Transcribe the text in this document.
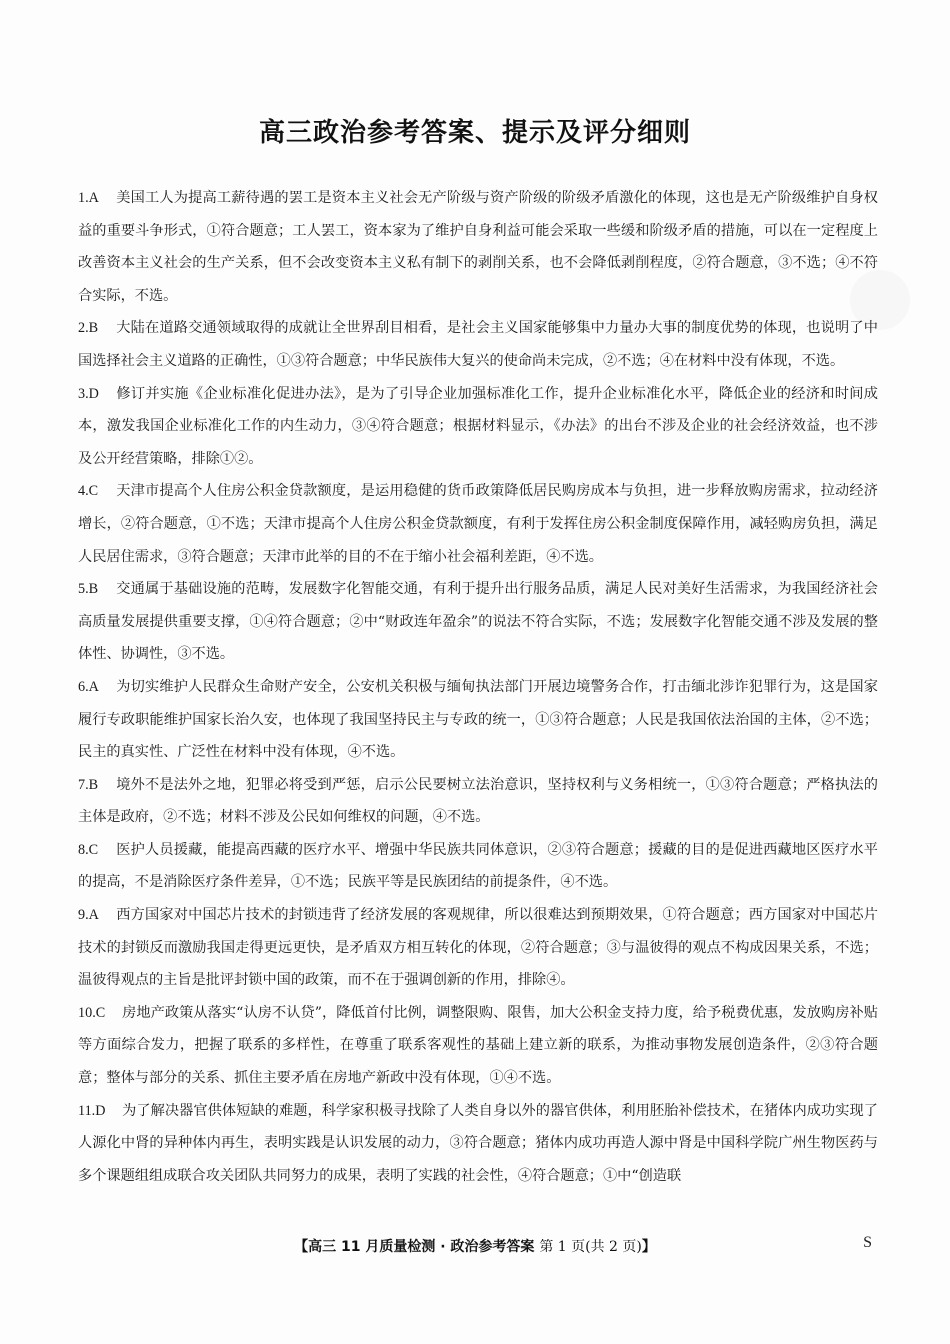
高三政治参考答案、提示及评分细则

1.A 美国工人为提高工薪待遇的罢工是资本主义社会无产阶级与资产阶级的阶级矛盾激化的体现，这也是无产阶级维护自身权益的重要斗争形式，①符合题意；工人罢工，资本家为了维护自身利益可能会采取一些缓和阶级矛盾的措施，可以在一定程度上改善资本主义社会的生产关系，但不会改变资本主义私有制下的剥削关系，也不会降低剥削程度，②符合题意，③不选；④不符合实际，不选。

2.B 大陆在道路交通领域取得的成就让全世界刮目相看，是社会主义国家能够集中力量办大事的制度优势的体现，也说明了中国选择社会主义道路的正确性，①③符合题意；中华民族伟大复兴的使命尚未完成，②不选；④在材料中没有体现，不选。

3.D 修订并实施《企业标准化促进办法》，是为了引导企业加强标准化工作，提升企业标准化水平，降低企业的经济和时间成本，激发我国企业标准化工作的内生动力，③④符合题意；根据材料显示，《办法》的出台不涉及企业的社会经济效益，也不涉及公开经营策略，排除①②。

4.C 天津市提高个人住房公积金贷款额度，是运用稳健的货币政策降低居民购房成本与负担，进一步释放购房需求，拉动经济增长，②符合题意，①不选；天津市提高个人住房公积金贷款额度，有利于发挥住房公积金制度保障作用，减轻购房负担，满足人民居住需求，③符合题意；天津市此举的目的不在于缩小社会福利差距，④不选。

5.B 交通属于基础设施的范畴，发展数字化智能交通，有利于提升出行服务品质，满足人民对美好生活需求，为我国经济社会高质量发展提供重要支撑，①④符合题意；②中“财政连年盈余”的说法不符合实际，不选；发展数字化智能交通不涉及发展的整体性、协调性，③不选。

6.A 为切实维护人民群众生命财产安全，公安机关积极与缅甸执法部门开展边境警务合作，打击缅北涉诈犯罪行为，这是国家履行专政职能维护国家长治久安，也体现了我国坚持民主与专政的统一，①③符合题意；人民是我国依法治国的主体，②不选；民主的真实性、广泛性在材料中没有体现，④不选。

7.B 境外不是法外之地，犯罪必将受到严惩，启示公民要树立法治意识，坚持权利与义务相统一，①③符合题意；严格执法的主体是政府，②不选；材料不涉及公民如何维权的问题，④不选。

8.C 医护人员援藏，能提高西藏的医疗水平、增强中华民族共同体意识，②③符合题意；援藏的目的是促进西藏地区医疗水平的提高，不是消除医疗条件差异，①不选；民族平等是民族团结的前提条件，④不选。

9.A 西方国家对中国芯片技术的封锁违背了经济发展的客观规律，所以很难达到预期效果，①符合题意；西方国家对中国芯片技术的封锁反而激励我国走得更远更快，是矛盾双方相互转化的体现，②符合题意；③与温彼得的观点不构成因果关系，不选；温彼得观点的主旨是批评封锁中国的政策，而不在于强调创新的作用，排除④。

10.C 房地产政策从落实“认房不认贷”，降低首付比例，调整限购、限售，加大公积金支持力度，给予税费优惠，发放购房补贴等方面综合发力，把握了联系的多样性，在尊重了联系客观性的基础上建立新的联系，为推动事物发展创造条件，②③符合题意；整体与部分的关系、抓住主要矛盾在房地产新政中没有体现，①④不选。

11.D 为了解决器官供体短缺的难题，科学家积极寻找除了人类自身以外的器官供体，利用胚胎补偿技术，在猪体内成功实现了人源化中肾的异种体内再生，表明实践是认识发展的动力，③符合题意；猪体内成功再造人源中肾是中国科学院广州生物医药与多个课题组组成联合攻关团队共同努力的成果，表明了实践的社会性，④符合题意；①中“创造联

【高三 11 月质量检测 · 政治参考答案 第 1 页(共 2 页)】	S
